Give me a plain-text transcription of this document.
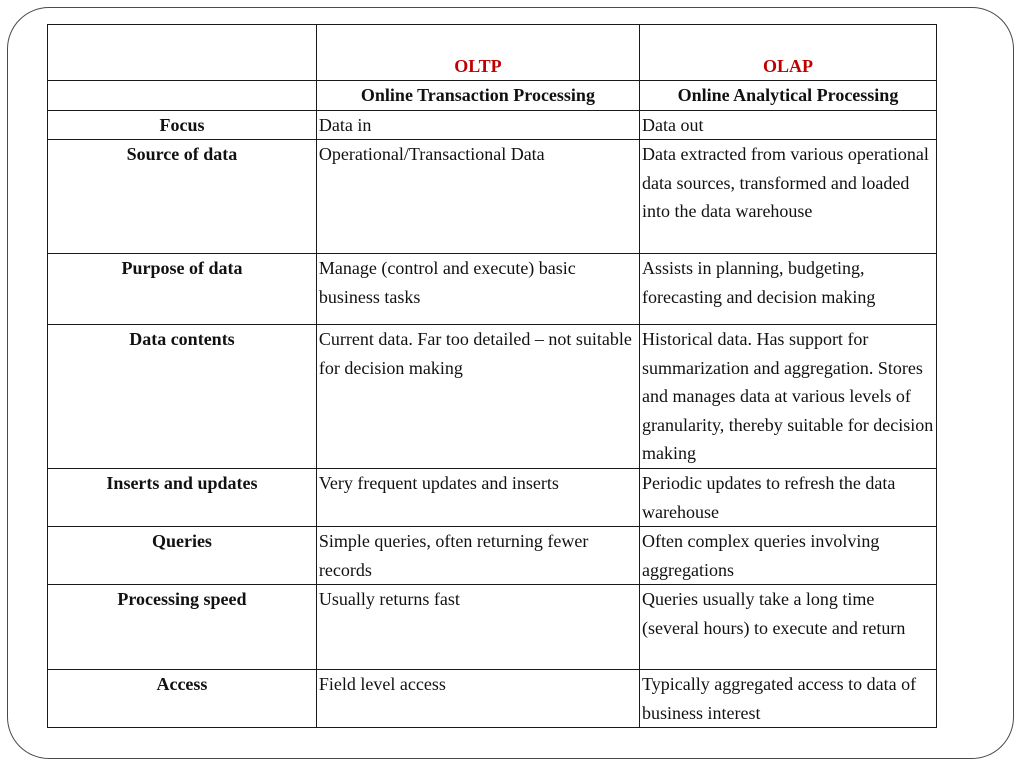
	OLTP	OLAP
	Online Transaction Processing	Online Analytical Processing
Focus	Data in	Data out
Source of data	Operational/Transactional Data	Data extracted from various operational data sources, transformed and loaded into the data warehouse
Purpose of data	Manage (control and execute) basic business tasks	Assists in planning, budgeting, forecasting and decision making
Data contents	Current data. Far too detailed – not suitable for decision making	Historical data. Has support for summarization and aggregation. Stores and manages data at various levels of granularity, thereby suitable for decision making
Inserts and updates	Very frequent updates and inserts	Periodic updates to refresh the data warehouse
Queries	Simple queries, often returning fewer records	Often complex queries involving aggregations
Processing speed	Usually returns fast	Queries usually take a long time (several hours) to execute and return
Access	Field level access	Typically aggregated access to data of business interest
